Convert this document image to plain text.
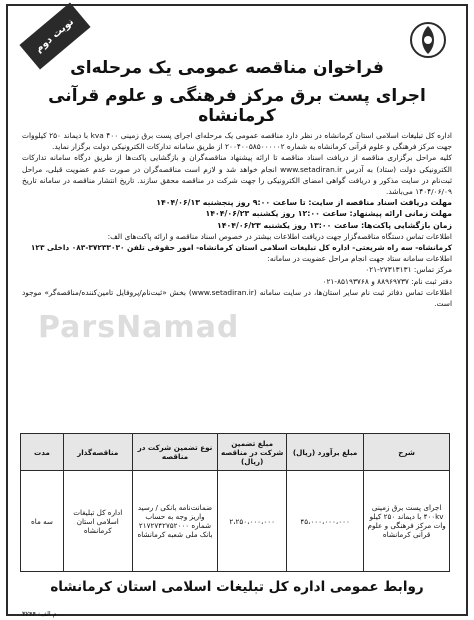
نوبت دوم
فراخوان مناقصه عمومی یک مرحله‌ای
اجرای پست برق مرکز فرهنگی و علوم قرآنی کرمانشاه

اداره کل تبلیغات اسلامی استان کرمانشاه در نظر دارد مناقصه عمومی یک مرحله‌ای اجرای پست برق زمینی ۴۰۰ kva با دیماند ۲۵۰ کیلووات جهت مرکز فرهنگی و علوم قرآنی کرمانشاه به شماره ۲۰۰۴۰۰۵۸۵۰۰۰۰۰۲ از طریق سامانه تدارکات الکترونیکی دولت برگزار نماید.

کلیه مراحل برگزاری مناقصه از دریافت اسناد مناقصه تا ارائه پیشنهاد مناقصه‌گران و بازگشایی پاکت‌ها از طریق درگاه سامانه تدارکات الکترونیکی دولت (ستاد) به آدرس www.setadiran.ir انجام خواهد شد و لازم است مناقصه‌گران در صورت عدم عضویت قبلی، مراحل ثبت‌نام در سایت مذکور و دریافت گواهی امضای الکترونیکی را جهت شرکت در مناقصه محقق سازند. تاریخ انتشار مناقصه در سامانه تاریخ ۱۴۰۴/۰۶/۰۹ می‌باشد.

مهلت دریافت اسناد مناقصه از سایت: تا ساعت ۹:۰۰ روز پنجشنبه ۱۴۰۴/۰۶/۱۳

مهلت زمانی ارائه پیشنهاد: ساعت ۱۲:۰۰ روز یکشنبه ۱۴۰۴/۰۶/۲۳

زمان بازگشایی پاکت‌ها: ساعت ۱۳:۰۰ روز یکشنبه ۱۴۰۴/۰۶/۲۳

اطلاعات تماس دستگاه مناقصه‌گزار جهت دریافت اطلاعات بیشتر در خصوص اسناد مناقصه و ارائه پاکت‌های الف:

کرمانشاه- سه راه شریعتی- اداره کل تبلیغات اسلامی استان کرمانشاه- امور حقوقی تلفن ۳۷۲۳۳۰۳۰-۰۸۳ داخلی ۱۲۳

اطلاعات سامانه ستاد جهت انجام مراحل عضویت در سامانه:

مرکز تماس: ۲۷۳۱۳۱۳۱-۰۲۱

دفتر ثبت نام: ۸۸۹۶۹۷۳۷ و ۸۵۱۹۳۷۶۸-۰۲۱

اطلاعات تماس دفاتر ثبت نام سایر استان‌ها، در سایت سامانه (www.setadiran.ir) بخش «ثبت‌نام/پروفایل تامین‌کننده/مناقصه‌گر» موجود است.

ParsNamad
شرح	مبلغ برآورد (ریال)	مبلغ تضمین شرکت در مناقصه (ریال)	نوع تضمین شرکت در مناقصه	مناقصه‌گذار	مدت
اجرای پست برق زمینی ۴۰۰kv با دیماند ۲۵۰ کیلو وات مرکز فرهنگی و علوم قرآنی کرمانشاه	۴۵،۰۰۰،۰۰۰،۰۰۰	۲،۲۵۰،۰۰۰،۰۰۰	ضمانت‌نامه بانکی / رسید واریز وجه به حساب شماره ۲۱۷۲۷۴۲۷۵۲۰۰۰ بانک ملی شعبه کرمانشاه	اداره کل تبلیغات اسلامی استان کرمانشاه	سه ماه
روابط عمومی اداره کل تبلیغات اسلامی استان کرمانشاه
م الف: ۳۲۴۴
